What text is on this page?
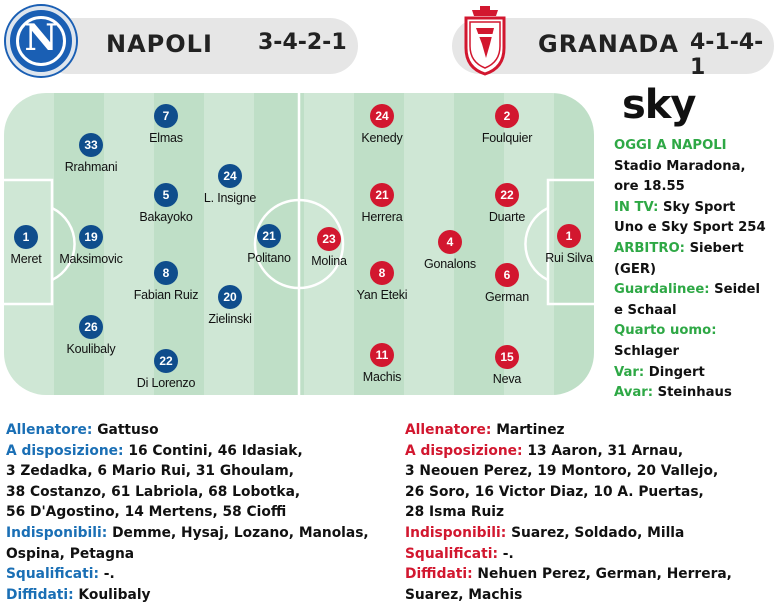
NAPOLI 3-4-2-1
N	GRANADA 4-1-4-1
1
Meret
33
Rrahmani
19
Maksimovic
26
Koulibaly
7
Elmas
5
Bakayoko
8
Fabian Ruiz
22
Di Lorenzo
24
L. Insigne
20
Zielinski
21
Politano
23
Molina
24
Kenedy
21
Herrera
8
Yan Eteki
11
Machis
4
Gonalons
2
Foulquier
22
Duarte
6
German
15
Neva
1
Rui Silva
sky
OGGI A NAPOLI
Stadio Maradona,
ore 18.55
IN TV: Sky Sport
Uno e Sky Sport 254
ARBITRO: Siebert
(GER)
Guardalinee: Seidel
e Schaal
Quarto uomo:
Schlager
Var: Dingert
Avar: Steinhaus
Allenatore: Gattuso
A disposizione: 16 Contini, 46 Idasiak,
3 Zedadka, 6 Mario Rui, 31 Ghoulam,
38 Costanzo, 61 Labriola, 68 Lobotka,
56 D'Agostino, 14 Mertens, 58 Cioffi
Indisponibili: Demme, Hysaj, Lozano, Manolas,
Ospina, Petagna
Squalificati: -.
Diffidati: Koulibaly
Allenatore: Martinez
A disposizione: 13 Aaron, 31 Arnau,
3 Neouen Perez, 19 Montoro, 20 Vallejo,
26 Soro, 16 Victor Diaz, 10 A. Puertas,
28 Isma Ruiz
Indisponibili: Suarez, Soldado, Milla
Squalificati: -.
Diffidati: Nehuen Perez, German, Herrera,
Suarez, Machis
